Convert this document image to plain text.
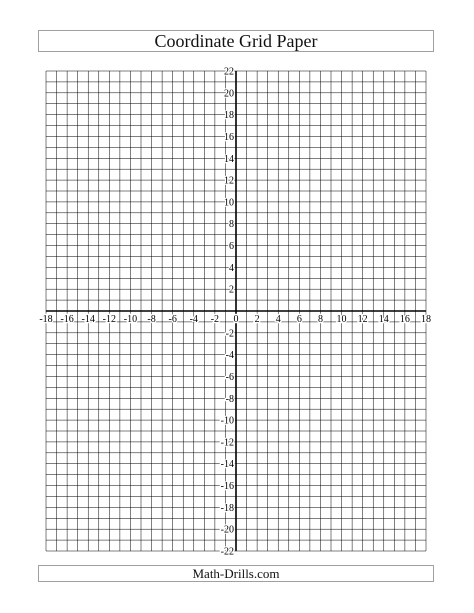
Coordinate Grid Paper
-18 -16 -14 -12 -10 -8 -6 -4 -2 0 2 4 6 8 10 12 14 16 18
22
20
18
16
14
12
10
8
6
4
2
-2
-4
-6
-8
-10
-12
-14
-16
-18
-20
-22
Math-Drills.com
